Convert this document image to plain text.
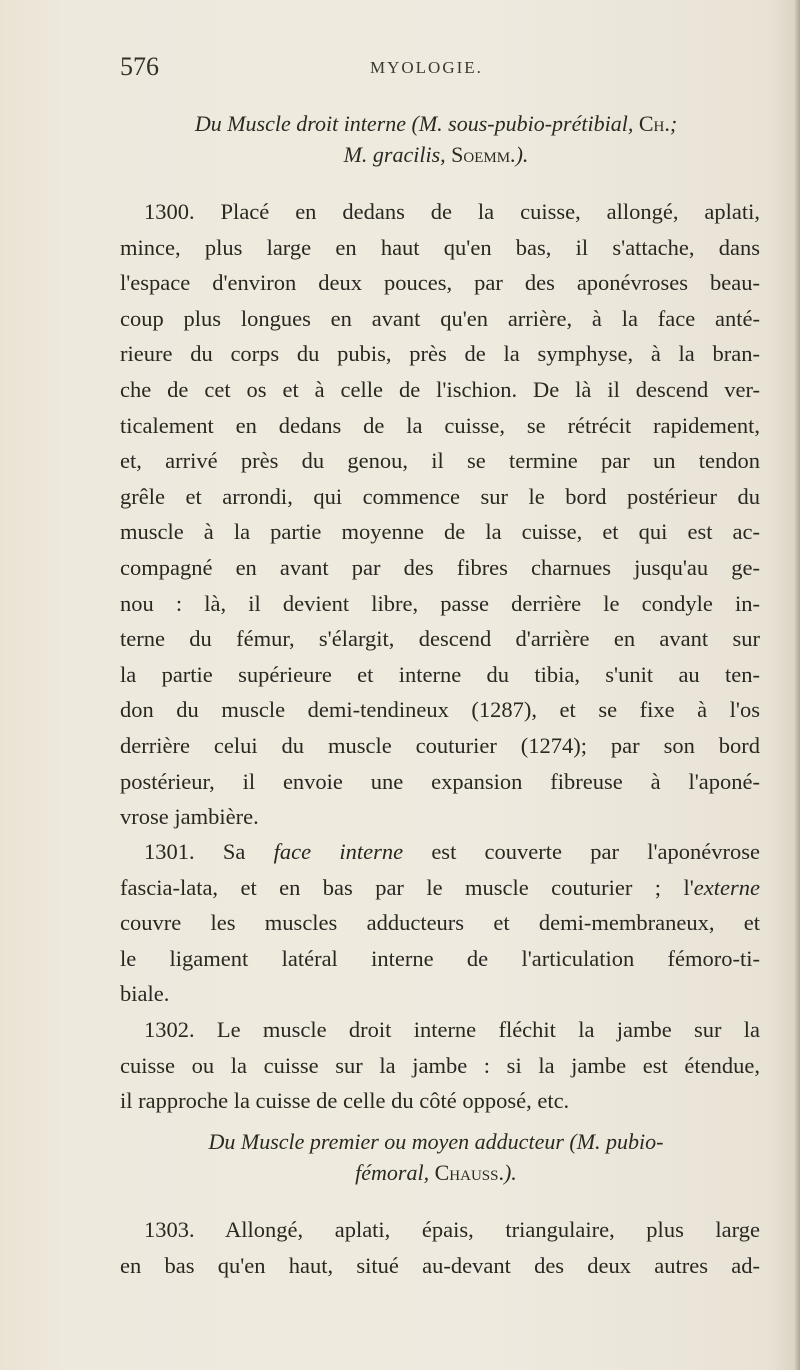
576	MYOLOGIE.
Du Muscle droit interne (M. sous-pubio-prétibial, Ch.;
M. gracilis, Soemm.).
1300. Placé en dedans de la cuisse, allongé, aplati,
mince, plus large en haut qu'en bas, il s'attache, dans
l'espace d'environ deux pouces, par des aponévroses beau-
coup plus longues en avant qu'en arrière, à la face anté-
rieure du corps du pubis, près de la symphyse, à la bran-
che de cet os et à celle de l'ischion. De là il descend ver-
ticalement en dedans de la cuisse, se rétrécit rapidement,
et, arrivé près du genou, il se termine par un tendon
grêle et arrondi, qui commence sur le bord postérieur du
muscle à la partie moyenne de la cuisse, et qui est ac-
compagné en avant par des fibres charnues jusqu'au ge-
nou : là, il devient libre, passe derrière le condyle in-
terne du fémur, s'élargit, descend d'arrière en avant sur
la partie supérieure et interne du tibia, s'unit au ten-
don du muscle demi-tendineux (1287), et se fixe à l'os
derrière celui du muscle couturier (1274); par son bord
postérieur, il envoie une expansion fibreuse à l'aponé-
vrose jambière.
1301. Sa face interne est couverte par l'aponévrose
fascia-lata, et en bas par le muscle couturier ; l'externe
couvre les muscles adducteurs et demi-membraneux, et
le ligament latéral interne de l'articulation fémoro-ti-
biale.
1302. Le muscle droit interne fléchit la jambe sur la
cuisse ou la cuisse sur la jambe : si la jambe est étendue,
il rapproche la cuisse de celle du côté opposé, etc.
Du Muscle premier ou moyen adducteur (M. pubio-
fémoral, Chauss.).
1303. Allongé, aplati, épais, triangulaire, plus large
en bas qu'en haut, situé au-devant des deux autres ad-
